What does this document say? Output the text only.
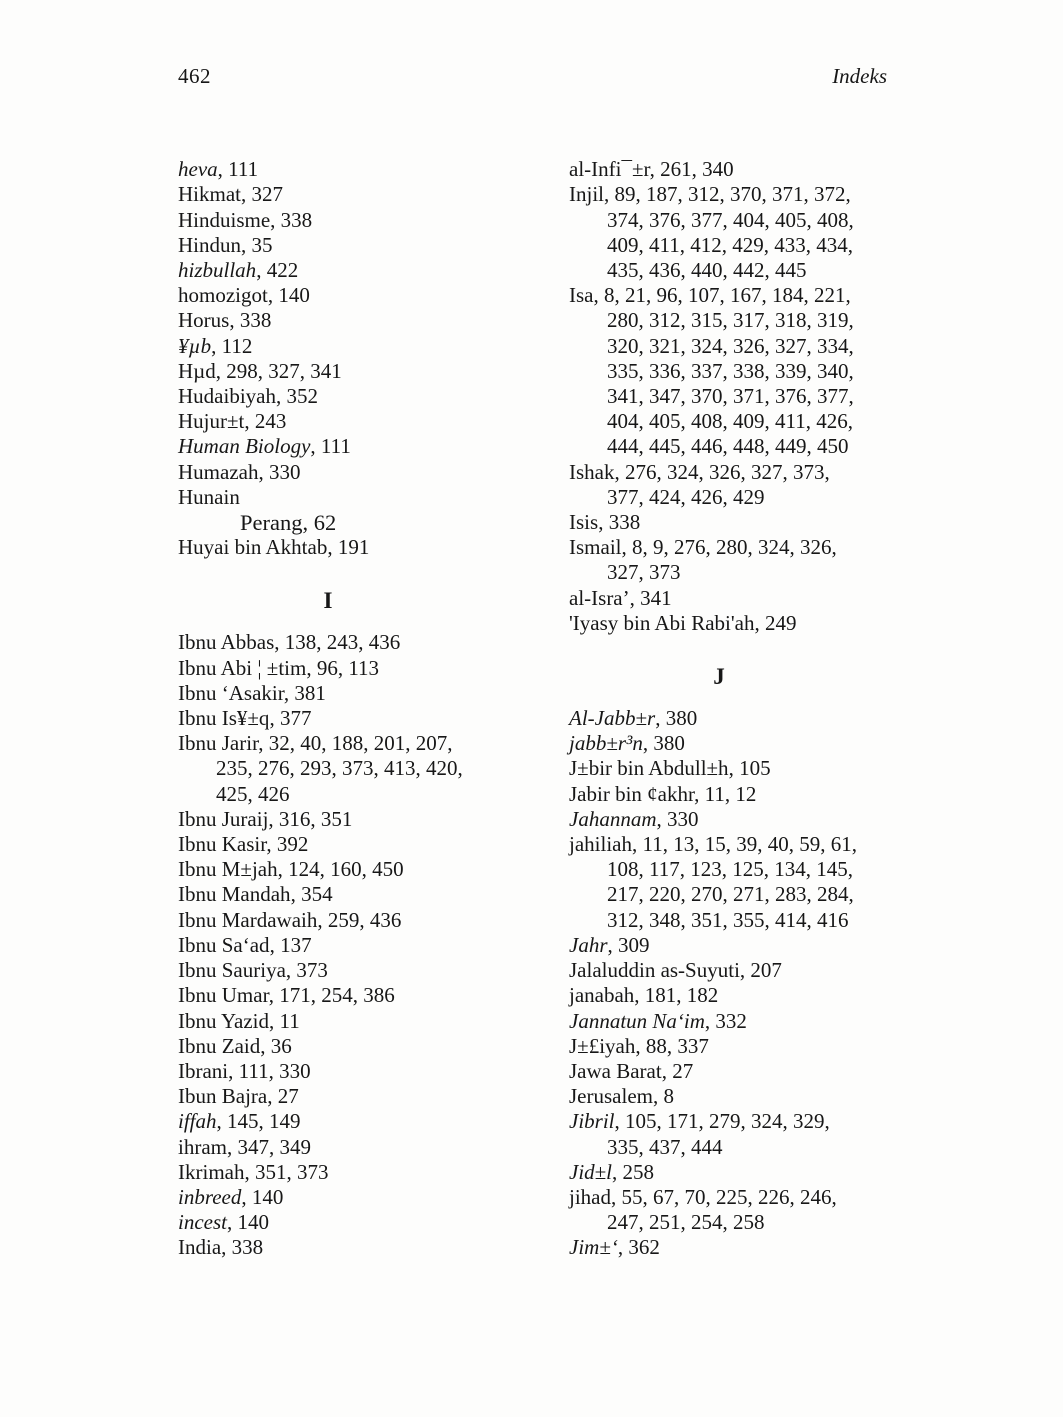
462	Indeks
heva, 111
Hikmat, 327
Hinduisme, 338
Hindun, 35
hizbullah, 422
homozigot, 140
Horus, 338
¥µb, 112
Hµd, 298, 327, 341
Hudaibiyah, 352
Hujur±t, 243
Human Biology, 111
Humazah, 330
Hunain
Perang, 62
Huyai bin Akhtab, 191
I
Ibnu Abbas, 138, 243, 436
Ibnu Abi ¦ ±tim, 96, 113
Ibnu ‘Asakir, 381
Ibnu Is¥±q, 377
Ibnu Jarir, 32, 40, 188, 201, 207, 235, 276, 293, 373, 413, 420, 425, 426
Ibnu Juraij, 316, 351
Ibnu Kasir, 392
Ibnu M±jah, 124, 160, 450
Ibnu Mandah, 354
Ibnu Mardawaih, 259, 436
Ibnu Sa‘ad, 137
Ibnu Sauriya, 373
Ibnu Umar, 171, 254, 386
Ibnu Yazid, 11
Ibnu Zaid, 36
Ibrani, 111, 330
Ibun Bajra, 27
iffah, 145, 149
ihram, 347, 349
Ikrimah, 351, 373
inbreed, 140
incest, 140
India, 338
al-Infi¯±r, 261, 340
Injil, 89, 187, 312, 370, 371, 372, 374, 376, 377, 404, 405, 408, 409, 411, 412, 429, 433, 434, 435, 436, 440, 442, 445
Isa, 8, 21, 96, 107, 167, 184, 221, 280, 312, 315, 317, 318, 319, 320, 321, 324, 326, 327, 334, 335, 336, 337, 338, 339, 340, 341, 347, 370, 371, 376, 377, 404, 405, 408, 409, 411, 426, 444, 445, 446, 448, 449, 450
Ishak, 276, 324, 326, 327, 373, 377, 424, 426, 429
Isis, 338
Ismail, 8, 9, 276, 280, 324, 326, 327, 373
al-Isra’, 341
'Iyasy bin Abi Rabi'ah, 249
J
Al-Jabb±r, 380
jabb±r³n, 380
J±bir bin Abdull±h, 105
Jabir bin ¢akhr, 11, 12
Jahannam, 330
jahiliah, 11, 13, 15, 39, 40, 59, 61, 108, 117, 123, 125, 134, 145, 217, 220, 270, 271, 283, 284, 312, 348, 351, 355, 414, 416
Jahr, 309
Jalaluddin as-Suyuti, 207
janabah, 181, 182
Jannatun Na‘im, 332
J±£iyah, 88, 337
Jawa Barat, 27
Jerusalem, 8
Jibril, 105, 171, 279, 324, 329, 335, 437, 444
Jid±l, 258
jihad, 55, 67, 70, 225, 226, 246, 247, 251, 254, 258
Jim±‘, 362
